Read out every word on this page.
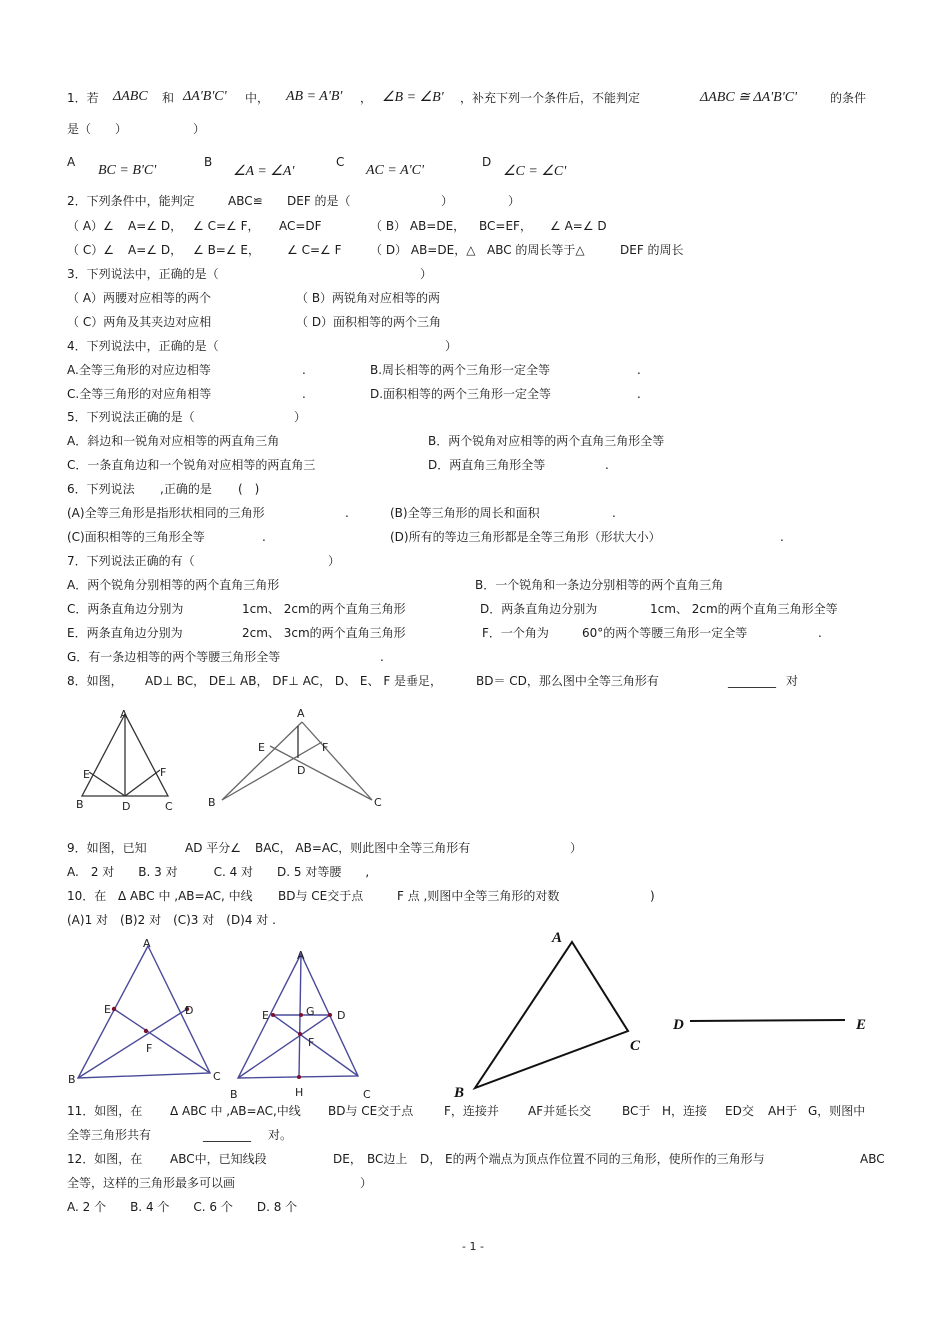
1．若 ΔABC 和 ΔA'B'C' 中， AB = A'B' ， ∠B = ∠B' ，补充下列一个条件后，不能判定	ΔABC ≅ ΔA'B'C'	的条件
是（　　）	）
A
BC = B'C'
B
∠A = ∠A'
C
AC = A'C'
D
∠C = ∠C'
2．下列条件中，能判定	ABC≌ DEF 的是（	）	）
（ A）∠ A=∠ D， ∠ C=∠ F， AC=DF	（ B） AB=DE， BC=EF， ∠ A=∠ D
（ C）∠ A=∠ D， ∠ B=∠ E， ∠ C=∠ F （ D） AB=DE，△ ABC 的周长等于△	DEF 的周长
3．下列说法中，正确的是（　　　　	）
（ A）两腰对应相等的两个	（ B）两锐角对应相等的两
（ C）两角及其夹边对应相	（ D）面积相等的两个三角
4．下列说法中，正确的是（　　　　	）
A.全等三角形的对应边相等	.	B.周长相等的两个三角形一定全等	.
C.全等三角形的对应角相等	.	D.面积相等的两个三角形一定全等	.
5．下列说法正确的是（	）
A．斜边和一锐角对应相等的两直角三角	B．两个锐角对应相等的两个直角三角形全等
C．一条直角边和一个锐角对应相等的两直角三	D．两直角三角形全等	.
6．下列说法 ,正确的是 (　)
(A)全等三角形是指形状相同的三角形	.	(B)全等三角形的周长和面积	.
(C)面积相等的三角形全等	.	(D)所有的等边三角形都是全等三角形（形状大小）	.
7．下列说法正确的有（	）
A．两个锐角分别相等的两个直角三角形	B．一个锐角和一条边分别相等的两个直角三角
C．两条直角边分别为	1cm、 2cm的两个直角三角形	D．两条直角边分别为	1cm、 2cm的两个直角三角形全等
E．两条直角边分别为	2cm、 3cm的两个直角三角形	F．一个角为	60°的两个等腰三角形一定全等	.
G．有一条边相等的两个等腰三角形全等	.
8．如图， AD⊥ BC， DE⊥ AB， DF⊥ AC， D、 E、 F 是垂足，	BD＝ CD，那么图中全等三角形有	________ 对
A
B	C
D
E	F
A
B	C
D
E	F
9．如图，已知	AD 平分∠ BAC， AB=AC，则此图中全等三角形有	）
A.　2 对　　B. 3 对　　　C. 4 对　　D. 5 对等腰　　,
10．在 Δ ABC 中 ,AB=AC, 中线 BD与 CE交于点	F 点 ,则图中全等三角形的对数	)
(A)1 对　(B)2 对　(C)3 对　(D)4 对 .
A
B	C
D
E
F
A
B	C
D
E
F
G
H
A
B
C
D	E
11．如图，在 Δ ABC 中 ,AB=AC,中线 BD与 CE交于点	F，连接并 AF并延长交	BC于 H，连接 ED交 AH于 G，则图中
全等三角形共有	________ 对。
12．如图，在 ABC中，已知线段	DE， BC边上 D， E的两个端点为顶点作位置不同的三角形，使所作的三角形与	ABC
全等，这样的三角形最多可以画	）
A. 2 个　　B. 4 个　　C. 6 个　　D. 8 个
- 1 -
